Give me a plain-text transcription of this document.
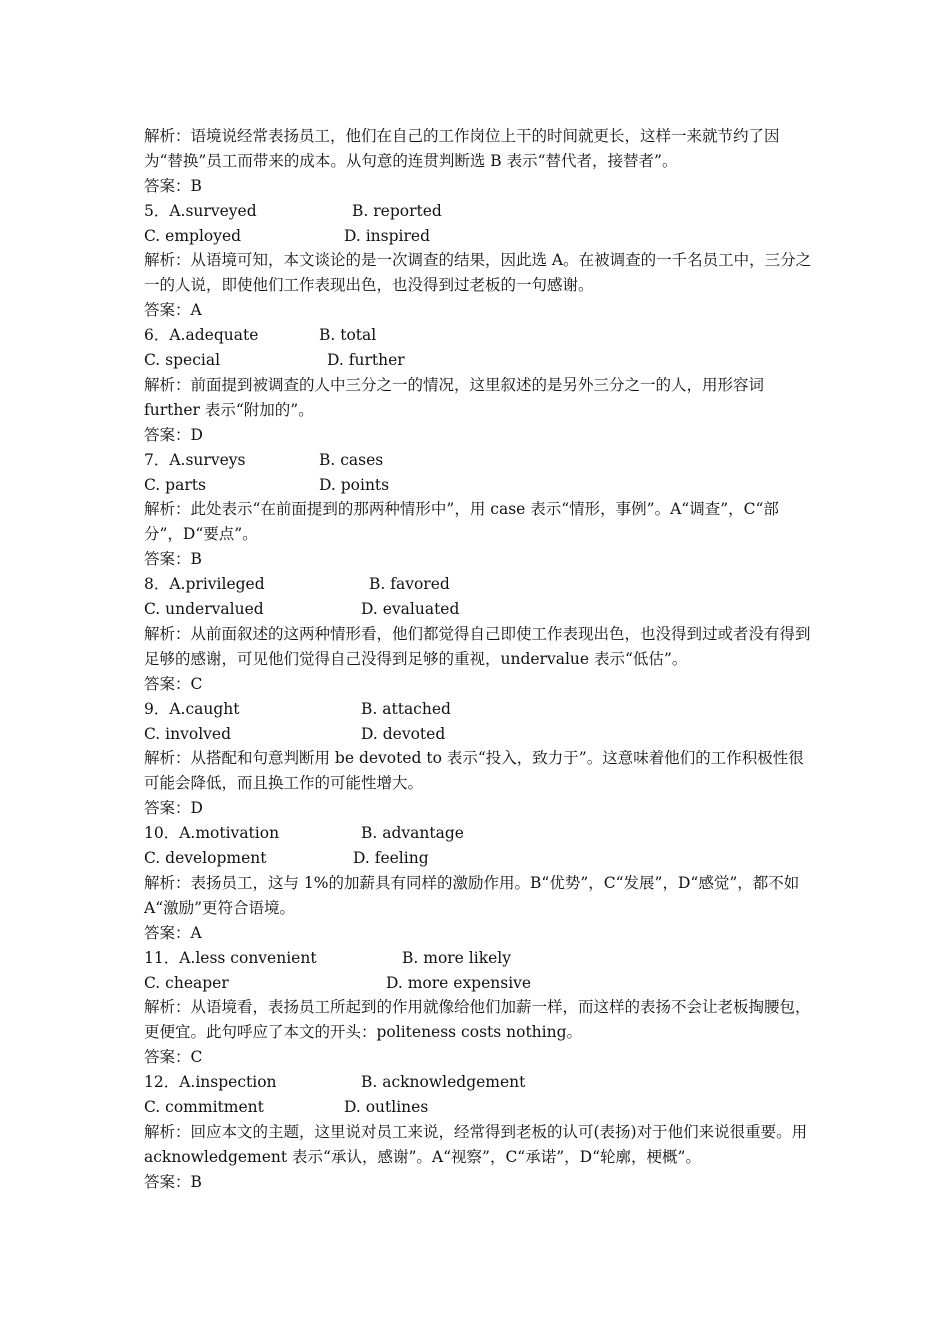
解析：语境说经常表扬员工，他们在自己的工作岗位上干的时间就更长，这样一来就节约了因为“替换”员工而带来的成本。从句意的连贯判断选 B 表示“替代者，接替者”。
答案：B
5．A.surveyed	B. reported
C. employed	D. inspired
解析：从语境可知，本文谈论的是一次调查的结果，因此选 A。在被调查的一千名员工中，三分之一的人说，即使他们工作表现出色，也没得到过老板的一句感谢。
答案：A
6．A.adequate	B. total
C. special	D. further
解析：前面提到被调查的人中三分之一的情况，这里叙述的是另外三分之一的人，用形容词 further 表示“附加的”。
答案：D
7．A.surveys	B. cases
C. parts	D. points
解析：此处表示“在前面提到的那两种情形中”，用 case 表示“情形，事例”。A“调查”，C“部分”，D“要点”。
答案：B
8．A.privileged	B. favored
C. undervalued	D. evaluated
解析：从前面叙述的这两种情形看，他们都觉得自己即使工作表现出色，也没得到过或者没有得到足够的感谢，可见他们觉得自己没得到足够的重视，undervalue 表示“低估”。
答案：C
9．A.caught	B. attached
C. involved	D. devoted
解析：从搭配和句意判断用 be devoted to 表示“投入，致力于”。这意味着他们的工作积极性很可能会降低，而且换工作的可能性增大。
答案：D
10．A.motivation	B. advantage
C. development	D. feeling
解析：表扬员工，这与 1%的加薪具有同样的激励作用。B“优势”，C“发展”，D“感觉”，都不如 A“激励”更符合语境。
答案：A
11．A.less convenient	B. more likely
C. cheaper	D. more expensive
解析：从语境看，表扬员工所起到的作用就像给他们加薪一样，而这样的表扬不会让老板掏腰包，更便宜。此句呼应了本文的开头：politeness costs nothing。
答案：C
12．A.inspection	B. acknowledgement
C. commitment	D. outlines
解析：回应本文的主题，这里说对员工来说，经常得到老板的认可(表扬)对于他们来说很重要。用 acknowledgement 表示“承认，感谢”。A“视察”，C“承诺”，D“轮廓，梗概”。
答案：B
